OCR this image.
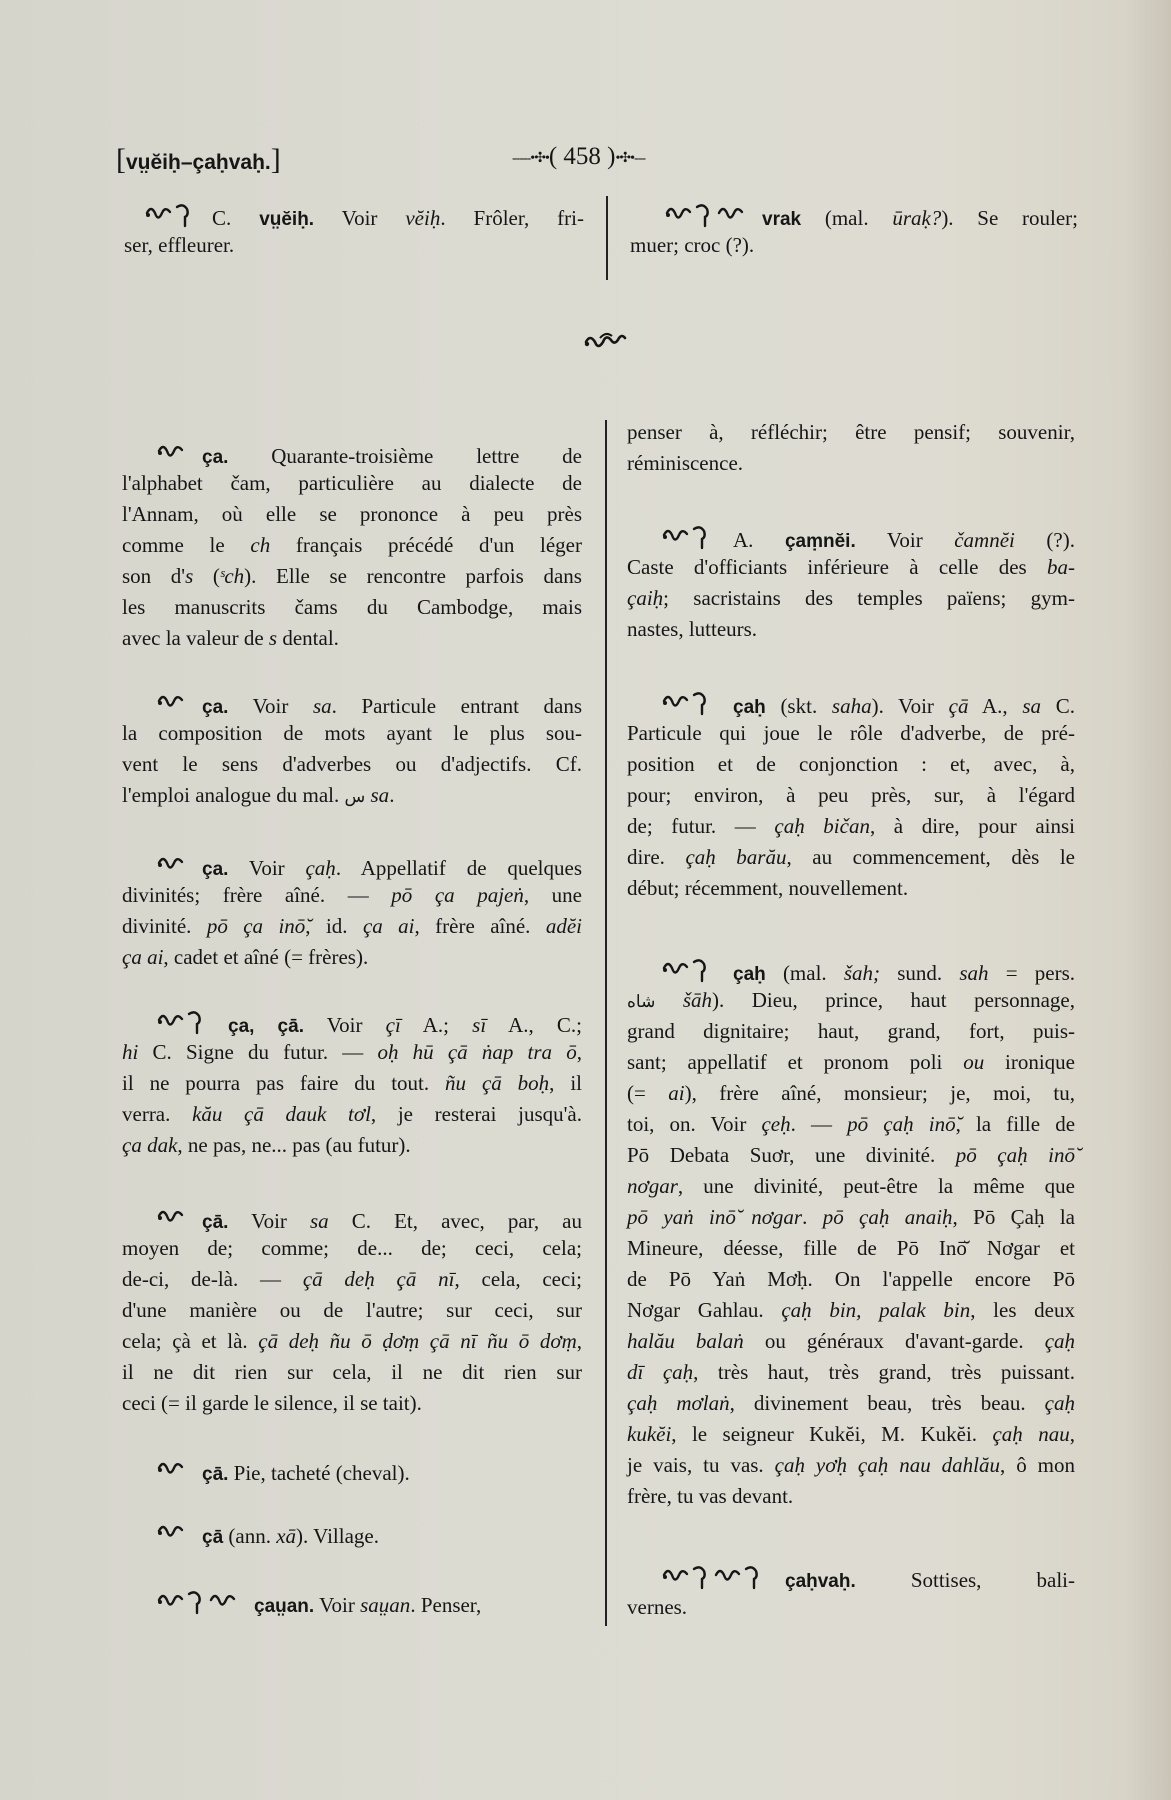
[vṳĕiḥ–çaḥvaḥ.]	-----•✣•( 458 )•✣•---
C. vṳĕiḥ. Voir vĕiḥ. Frôler, fri-
ser, effleurer.
vrak (mal. ūraḳ?). Se rouler;
muer; croc (?).
ça. Quarante-troisième lettre de
l'alphabet čam, particulière au dialecte de
l'Annam, où elle se prononce à peu près
comme le ch français précédé d'un léger
son d's (ˢch). Elle se rencontre parfois dans
les manuscrits čams du Cambodge, mais
avec la valeur de s dental.
ça. Voir sa. Particule entrant dans
la composition de mots ayant le plus sou-
vent le sens d'adverbes ou d'adjectifs. Cf.
l'emploi analogue du mal. س sa.
ça. Voir çaḥ. Appellatif de quelques
divinités; frère aîné. — pō ça pajeṅ, une
divinité. pō ça inō̆, id. ça ai, frère aîné. adĕi
ça ai, cadet et aîné (= frères).
ça, çā. Voir çī A.; sī A., C.;
hi C. Signe du futur. — oḥ hū çā ṅap tra ō,
il ne pourra pas faire du tout. ñu çā boḥ, il
verra. kău çā dauk tơl, je resterai jusqu'à.
ça dak, ne pas, ne... pas (au futur).
çā. Voir sa C. Et, avec, par, au
moyen de; comme; de... de; ceci, cela;
de-ci, de-là. — çā deḥ çā nī, cela, ceci;
d'une manière ou de l'autre; sur ceci, sur
cela; çà et là. çā deḥ ñu ō ḍơṃ çā nī ñu ō dơṃ,
il ne dit rien sur cela, il ne dit rien sur
ceci (= il garde le silence, il se tait).
çā. Pie, tacheté (cheval).
çā (ann. xā). Village.
çaṳan. Voir saṳan. Penser,
penser à, réfléchir; être pensif; souvenir,
réminiscence.
A. çaṃnĕi. Voir čamnĕi (?).
Caste d'officiants inférieure à celle des ba-
çaiḥ; sacristains des temples païens; gym-
nastes, lutteurs.
çaḥ (skt. saha). Voir çā A., sa C.
Particule qui joue le rôle d'adverbe, de pré-
position et de conjonction : et, avec, à,
pour; environ, à peu près, sur, à l'égard
de; futur. — çaḥ bičan, à dire, pour ainsi
dire. çaḥ barău, au commencement, dès le
début; récemment, nouvellement.
çaḥ (mal. šah; sund. sah = pers.
شاه šāh). Dieu, prince, haut personnage,
grand dignitaire; haut, grand, fort, puis-
sant; appellatif et pronom poli ou ironique
(= ai), frère aîné, monsieur; je, moi, tu,
toi, on. Voir çeḥ. — pō çaḥ inō̆, la fille de
Pō Debata Suơr, une divinité. pō çaḥ inō̆
nơgar, une divinité, peut-être la même que
pō yaṅ inō̆ nơgar. pō çaḥ anaiḥ, Pō Çaḥ la
Mineure, déesse, fille de Pō Inō̆ Nơgar et
de Pō Yaṅ Mơḥ. On l'appelle encore Pō
Nơgar Gahlau. çaḥ bin, palak bin, les deux
halău balaṅ ou généraux d'avant-garde. çaḥ
dī çaḥ, très haut, très grand, très puissant.
çaḥ mơlaṅ, divinement beau, très beau. çaḥ
kukĕi, le seigneur Kukĕi, M. Kukĕi. çaḥ nau,
je vais, tu vas. çaḥ yơḥ çaḥ nau dahlău, ô mon
frère, tu vas devant.
çaḥvaḥ. Sottises, bali-
vernes.
